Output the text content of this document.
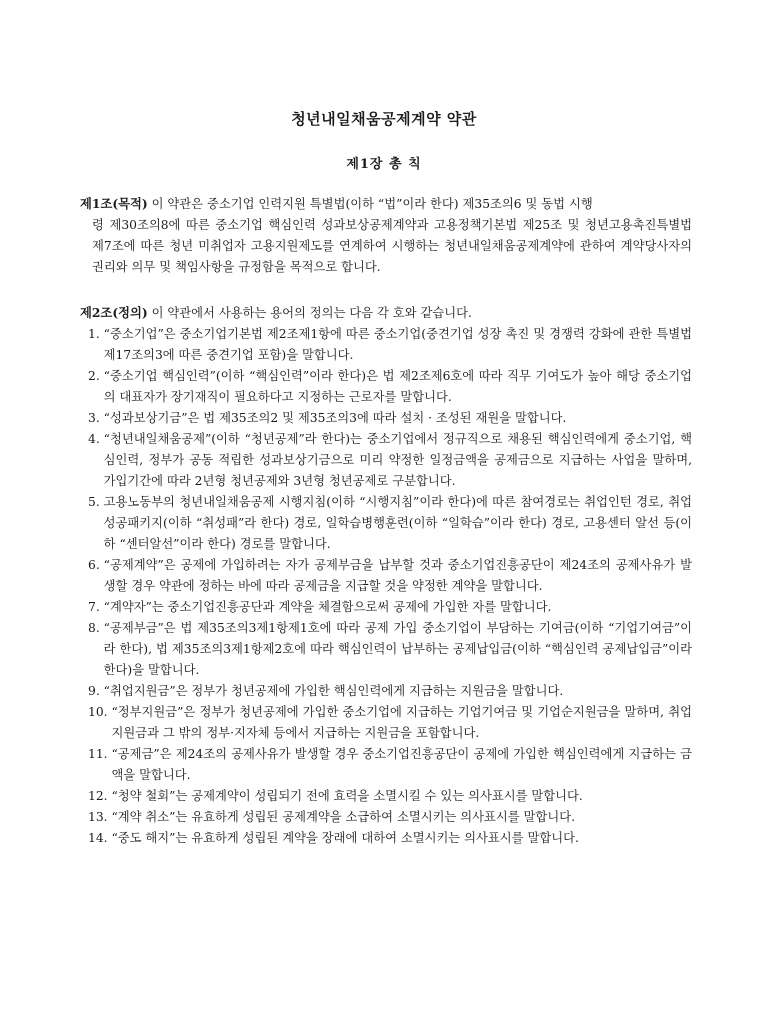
청년내일채움공제계약 약관
제1장 총 칙

제1조(목적) 이 약관은 중소기업 인력지원 특별법(이하 “법”이라 한다) 제35조의6 및 동법 시행
령 제30조의8에 따른 중소기업 핵심인력 성과보상공제계약과 고용정책기본법 제25조 및 청년고용촉진특별법 제7조에 따른 청년 미취업자 고용지원제도를 연계하여 시행하는 청년내일채움공제계약에 관하여 계약당사자의 권리와 의무 및 책임사항을 규정함을 목적으로 합니다.

제2조(정의) 이 약관에서 사용하는 용어의 정의는 다음 각 호와 같습니다.

1. “중소기업”은 중소기업기본법 제2조제1항에 따른 중소기업(중견기업 성장 촉진 및 경쟁력 강화에 관한 특별법 제17조의3에 따른 중견기업 포함)을 말합니다.
2. “중소기업 핵심인력”(이하 “핵심인력”이라 한다)은 법 제2조제6호에 따라 직무 기여도가 높아 해당 중소기업의 대표자가 장기재직이 필요하다고 지정하는 근로자를 말합니다.
3. “성과보상기금”은 법 제35조의2 및 제35조의3에 따라 설치 · 조성된 재원을 말합니다.
4. “청년내일채움공제”(이하 “청년공제”라 한다)는 중소기업에서 정규직으로 채용된 핵심인력에게 중소기업, 핵심인력, 정부가 공동 적립한 성과보상기금으로 미리 약정한 일정금액을 공제금으로 지급하는 사업을 말하며, 가입기간에 따라 2년형 청년공제와 3년형 청년공제로 구분합니다.
5. 고용노동부의 청년내일채움공제 시행지침(이하 “시행지침”이라 한다)에 따른 참여경로는 취업인턴 경로, 취업성공패키지(이하 “취성패”라 한다) 경로, 일학습병행훈련(이하 “일학습”이라 한다) 경로, 고용센터 알선 등(이하 “센터알선”이라 한다) 경로를 말합니다.
6. “공제계약”은 공제에 가입하려는 자가 공제부금을 납부할 것과 중소기업진흥공단이 제24조의 공제사유가 발생할 경우 약관에 정하는 바에 따라 공제금을 지급할 것을 약정한 계약을 말합니다.
7. “계약자”는 중소기업진흥공단과 계약을 체결함으로써 공제에 가입한 자를 말합니다.
8. “공제부금”은 법 제35조의3제1항제1호에 따라 공제 가입 중소기업이 부담하는 기여금(이하 “기업기여금”이라 한다), 법 제35조의3제1항제2호에 따라 핵심인력이 납부하는 공제납입금(이하 “핵심인력 공제납입금”이라 한다)을 말합니다.
9. “취업지원금”은 정부가 청년공제에 가입한 핵심인력에게 지급하는 지원금을 말합니다.
10. “정부지원금”은 정부가 청년공제에 가입한 중소기업에 지급하는 기업기여금 및 기업순지원금을 말하며, 취업지원금과 그 밖의 정부·지자체 등에서 지급하는 지원금을 포함합니다.
11. “공제금”은 제24조의 공제사유가 발생할 경우 중소기업진흥공단이 공제에 가입한 핵심인력에게 지급하는 금액을 말합니다.
12. “청약 철회”는 공제계약이 성립되기 전에 효력을 소멸시킬 수 있는 의사표시를 말합니다.
13. “계약 취소”는 유효하게 성립된 공제계약을 소급하여 소멸시키는 의사표시를 말합니다.
14. “중도 해지”는 유효하게 성립된 계약을 장래에 대하여 소멸시키는 의사표시를 말합니다.
